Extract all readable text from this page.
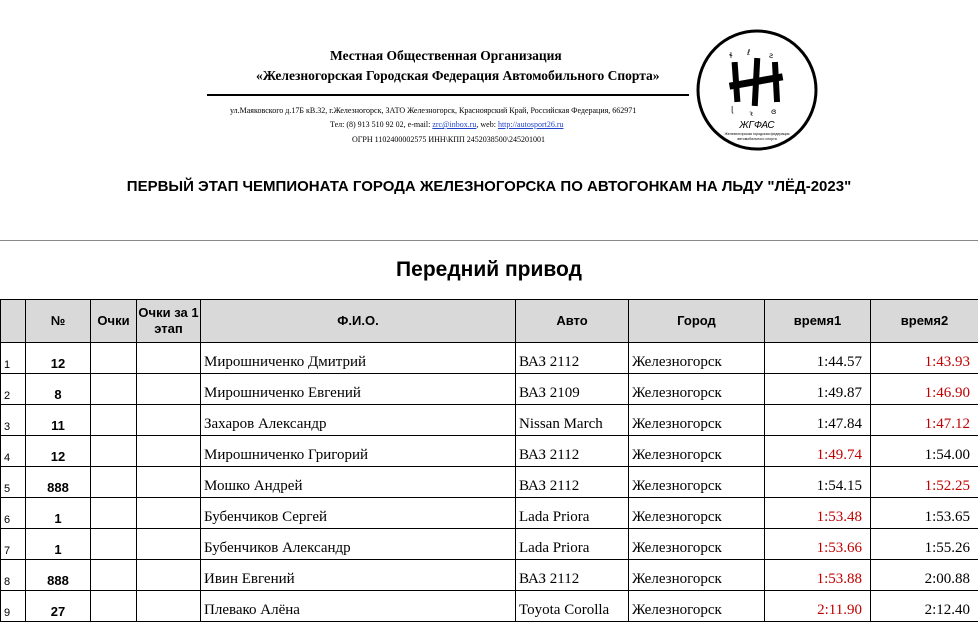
Местная Общественная Организация
«Железногорская Городская Федерация Автомобильного Спорта»
ул.Маяковского д.17Б кВ.32, г.Железногорск, ЗАТО Железногорск, Красноярский Край, Российская Федерация, 662971
Тел: (8) 913 510 92 02, e-mail: zrc@inbox.ru, web: http://autosport26.ru
ОГРН 1102400002575 ИНН\КПП 2452038500\245201001
ɬ ℓ ƨ
ɭ ꝛ ɞ
ЖГФАС
Железногорская городская федерация
автомобильного спорта
ПЕРВЫЙ ЭТАП ЧЕМПИОНАТА ГОРОДА ЖЕЛЕЗНОГОРСКА ПО АВТОГОНКАМ НА ЛЬДУ "ЛЁД-2023"
Передний привод
	№	Очки	Очки за 1 этап	Ф.И.О.	Авто	Город	время1	время2
1	12			Мирошниченко Дмитрий	ВАЗ 2112	Железногорск	1:44.57	1:43.93
2	8			Мирошниченко Евгений	ВАЗ 2109	Железногорск	1:49.87	1:46.90
3	11			Захаров Александр	Nissan March	Железногорск	1:47.84	1:47.12
4	12			Мирошниченко Григорий	ВАЗ 2112	Железногорск	1:49.74	1:54.00
5	888			Мошко Андрей	ВАЗ 2112	Железногорск	1:54.15	1:52.25
6	1			Бубенчиков Сергей	Lada Priora	Железногорск	1:53.48	1:53.65
7	1			Бубенчиков Александр	Lada Priora	Железногорск	1:53.66	1:55.26
8	888			Ивин Евгений	ВАЗ 2112	Железногорск	1:53.88	2:00.88
9	27			Плевако Алёна	Toyota Corolla	Железногорск	2:11.90	2:12.40
